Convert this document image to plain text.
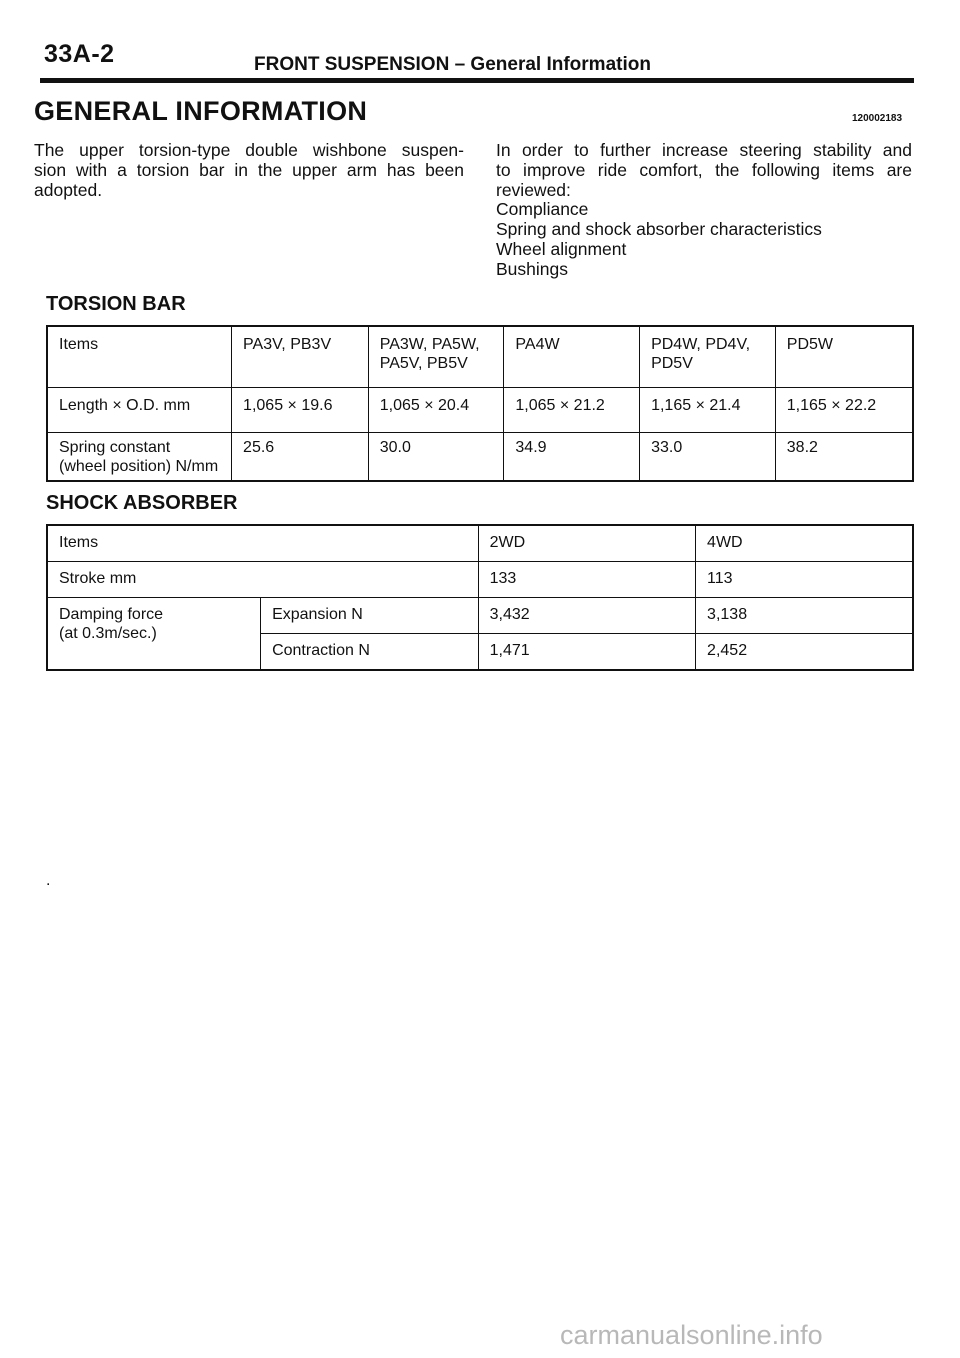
33A-2	FRONT SUSPENSION – General Information
GENERAL INFORMATION	120002183

The upper torsion-type double wishbone suspen-

sion with a torsion bar in the upper arm has been

adopted.

In order to further increase steering stability and

to improve ride comfort, the following items are

reviewed:

Compliance

Spring and shock absorber characteristics

Wheel alignment

Bushings

TORSION BAR
Items	PA3V, PB3V	PA3W, PA5W,
PA5V, PB5V	PA4W	PD4W, PD4V,
PD5V	PD5W
Length × O.D. mm	1,065 × 19.6	1,065 × 20.4	1,065 × 21.2	1,165 × 21.4	1,165 × 22.2
Spring constant
(wheel position) N/mm	25.6	30.0	34.9	33.0	38.2
SHOCK ABSORBER
Items		2WD	4WD
Stroke mm		133	113
Damping force
(at 0.3m/sec.)	Expansion N	3,432	3,138
	Contraction N	1,471	2,452
.
carmanualsonline.info
